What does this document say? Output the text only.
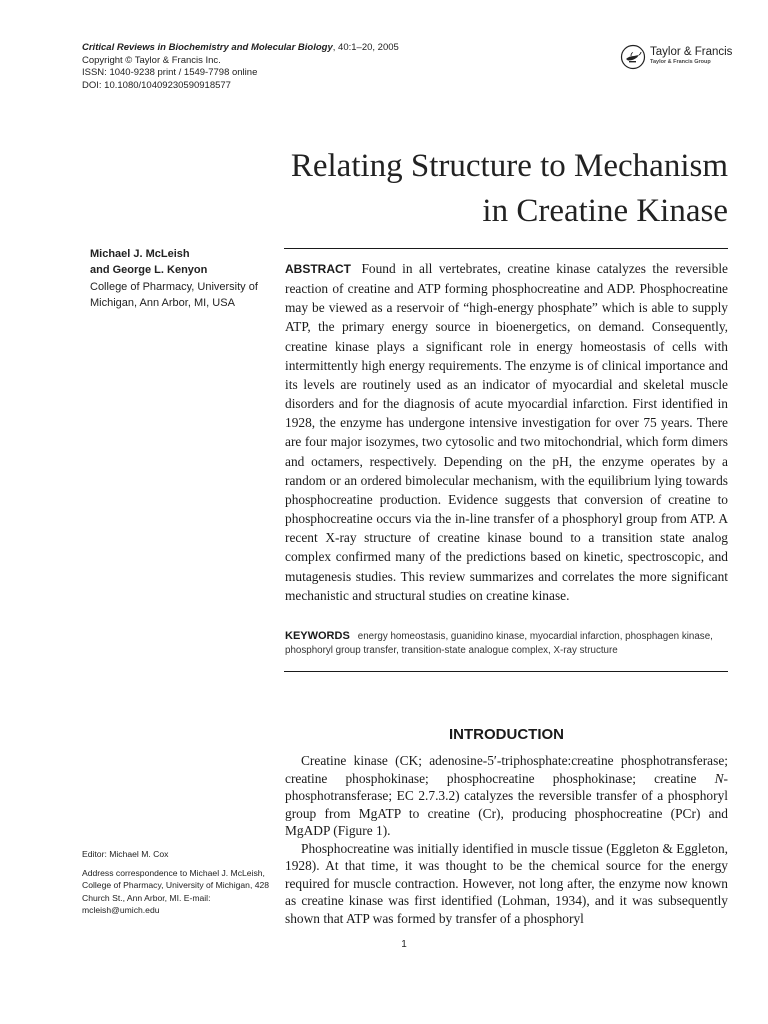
Critical Reviews in Biochemistry and Molecular Biology, 40:1–20, 2005
Copyright © Taylor & Francis Inc.
ISSN: 1040-9238 print / 1549-7798 online
DOI: 10.1080/10409230590918577
Taylor & Francis
Taylor & Francis Group
Relating Structure to Mechanism
in Creatine Kinase
Michael J. McLeish
and George L. Kenyon
College of Pharmacy, University of Michigan, Ann Arbor, MI, USA

ABSTRACT Found in all vertebrates, creatine kinase catalyzes the reversible reaction of creatine and ATP forming phosphocreatine and ADP. Phosphocreatine may be viewed as a reservoir of “high-energy phosphate” which is able to supply ATP, the primary energy source in bioenergetics, on demand. Consequently, creatine kinase plays a significant role in energy homeostasis of cells with intermittently high energy requirements. The enzyme is of clinical importance and its levels are routinely used as an indicator of myocardial and skeletal muscle disorders and for the diagnosis of acute myocardial infarction. First identified in 1928, the enzyme has undergone intensive investigation for over 75 years. There are four major isozymes, two cytosolic and two mitochondrial, which form dimers and octamers, respectively. Depending on the pH, the enzyme operates by a random or an ordered bimolecular mechanism, with the equilibrium lying towards phosphocreatine production. Evidence suggests that conversion of creatine to phosphocreatine occurs via the in-line transfer of a phosphoryl group from ATP. A recent X-ray structure of creatine kinase bound to a transition state analog complex confirmed many of the predictions based on kinetic, spectroscopic, and mutagenesis studies. This review summarizes and correlates the more significant mechanistic and structural studies on creatine kinase.

KEYWORDS energy homeostasis, guanidino kinase, myocardial infarction, phosphagen kinase, phosphoryl group transfer, transition-state analogue complex, X-ray structure
INTRODUCTION

Creatine kinase (CK; adenosine-5′-triphosphate:creatine phosphotransferase; creatine phosphokinase; phosphocreatine phosphokinase; creatine N-phosphotransferase; EC 2.7.3.2) catalyzes the reversible transfer of a phosphoryl group from MgATP to creatine (Cr), producing phosphocreatine (PCr) and MgADP (Figure 1).

Phosphocreatine was initially identified in muscle tissue (Eggleton & Eggleton, 1928). At that time, it was thought to be the chemical source for the energy required for muscle contraction. However, not long after, the enzyme now known as creatine kinase was first identified (Lohman, 1934), and it was subsequently shown that ATP was formed by transfer of a phosphoryl

Editor: Michael M. Cox
Address correspondence to Michael J. McLeish, College of Pharmacy, University of Michigan, 428 Church St., Ann Arbor, MI. E-mail: mcleish@umich.edu
1
